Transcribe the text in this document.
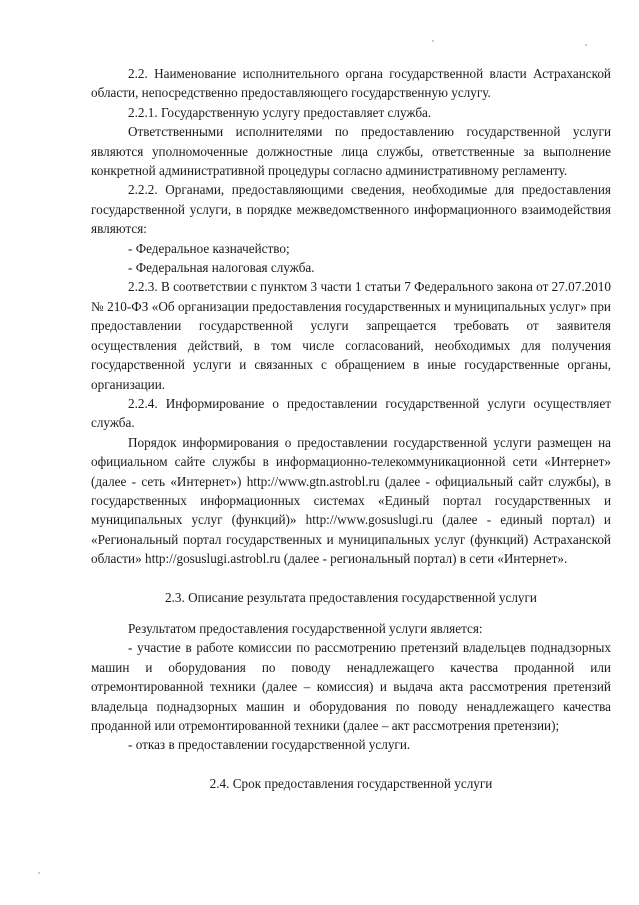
2.2. Наименование исполнительного органа государственной власти Астраханской области, непосредственно предоставляющего государственную услугу.

2.2.1. Государственную услугу предоставляет служба.

Ответственными исполнителями по предоставлению государственной услуги являются уполномоченные должностные лица службы, ответственные за выполнение конкретной административной процедуры согласно административному регламенту.

2.2.2. Органами, предоставляющими сведения, необходимые для предоставления государственной услуги, в порядке межведомственного информационного взаимодействия являются:

- Федеральное казначейство;

- Федеральная налоговая служба.

2.2.3. В соответствии с пунктом 3 части 1 статьи 7 Федерального закона от 27.07.2010 № 210-ФЗ «Об организации предоставления государственных и муниципальных услуг» при предоставлении государственной услуги запрещается требовать от заявителя осуществления действий, в том числе согласований, необходимых для получения государственной услуги и связанных с обращением в иные государственные органы, организации.

2.2.4. Информирование о предоставлении государственной услуги осуществляет служба.

Порядок информирования о предоставлении государственной услуги размещен на официальном сайте службы в информационно-телекоммуникационной сети «Интернет» (далее - сеть «Интернет») http://www.gtn.astrobl.ru (далее - официальный сайт службы), в государственных информационных системах «Единый портал государственных и муниципальных услуг (функций)» http://www.gosuslugi.ru (далее - единый портал) и «Региональный портал государственных и муниципальных услуг (функций) Астраханской области» http://gosuslugi.astrobl.ru (далее - региональный портал) в сети «Интернет».

2.3. Описание результата предоставления государственной услуги

Результатом предоставления государственной услуги является:

- участие в работе комиссии по рассмотрению претензий владельцев поднадзорных машин и оборудования по поводу ненадлежащего качества проданной или отремонтированной техники (далее – комиссия) и выдача акта рассмотрения претензий владельца поднадзорных машин и оборудования по поводу ненадлежащего качества проданной или отремонтированной техники (далее – акт рассмотрения претензии);

- отказ в предоставлении государственной услуги.

2.4. Срок предоставления государственной услуги
